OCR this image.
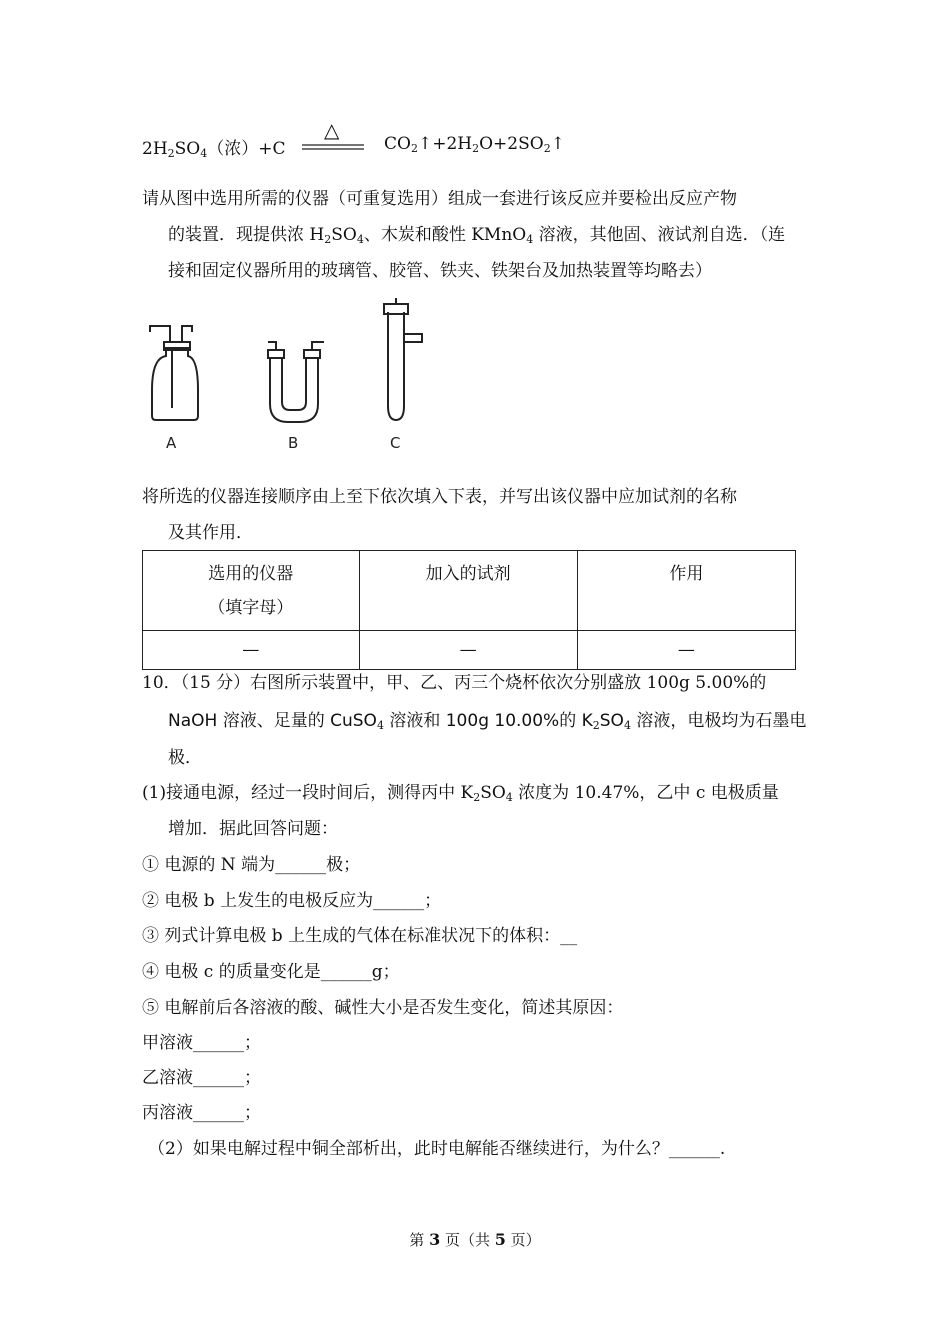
$2H_2SO_4$（浓）+C
△
$CO_2↑+2H_2O+2SO_2↑$
请从图中选用所需的仪器（可重复选用）组成一套进行该反应并要检出反应产物
的装置．现提供浓 $H_2SO_4$、木炭和酸性 KMnO$_4$ 溶液，其他固、液试剂自选．（连
接和固定仪器所用的玻璃管、胶管、铁夹、铁架台及加热装置等均略去）
A	B	C
将所选的仪器连接顺序由上至下依次填入下表，并写出该仪器中应加试剂的名称
及其作用．
选用的仪器
（填字母）	加入的试剂	作用
—	—	—
10．（15 分）右图所示装置中，甲、乙、丙三个烧杯依次分别盛放 100g 5.00%的
NaOH 溶液、足量的 CuSO$_4$ 溶液和 100g 10.00%的 $K_2SO_4$ 溶液，电极均为石墨电
极．
(1)接通电源，经过一段时间后，测得丙中 $K_2SO_4$ 浓度为 10.47%，乙中 c 电极质量
增加．据此回答问题：
① 电源的 N 端为______极；
② 电极 b 上发生的电极反应为______；
③ 列式计算电极 b 上生成的气体在标准状况下的体积：__
④ 电极 c 的质量变化是______g；
⑤ 电解前后各溶液的酸、碱性大小是否发生变化，简述其原因：
甲溶液______；
乙溶液______；
丙溶液______；
（2）如果电解过程中铜全部析出，此时电解能否继续进行，为什么？______.
第 3 页（共 5 页）
